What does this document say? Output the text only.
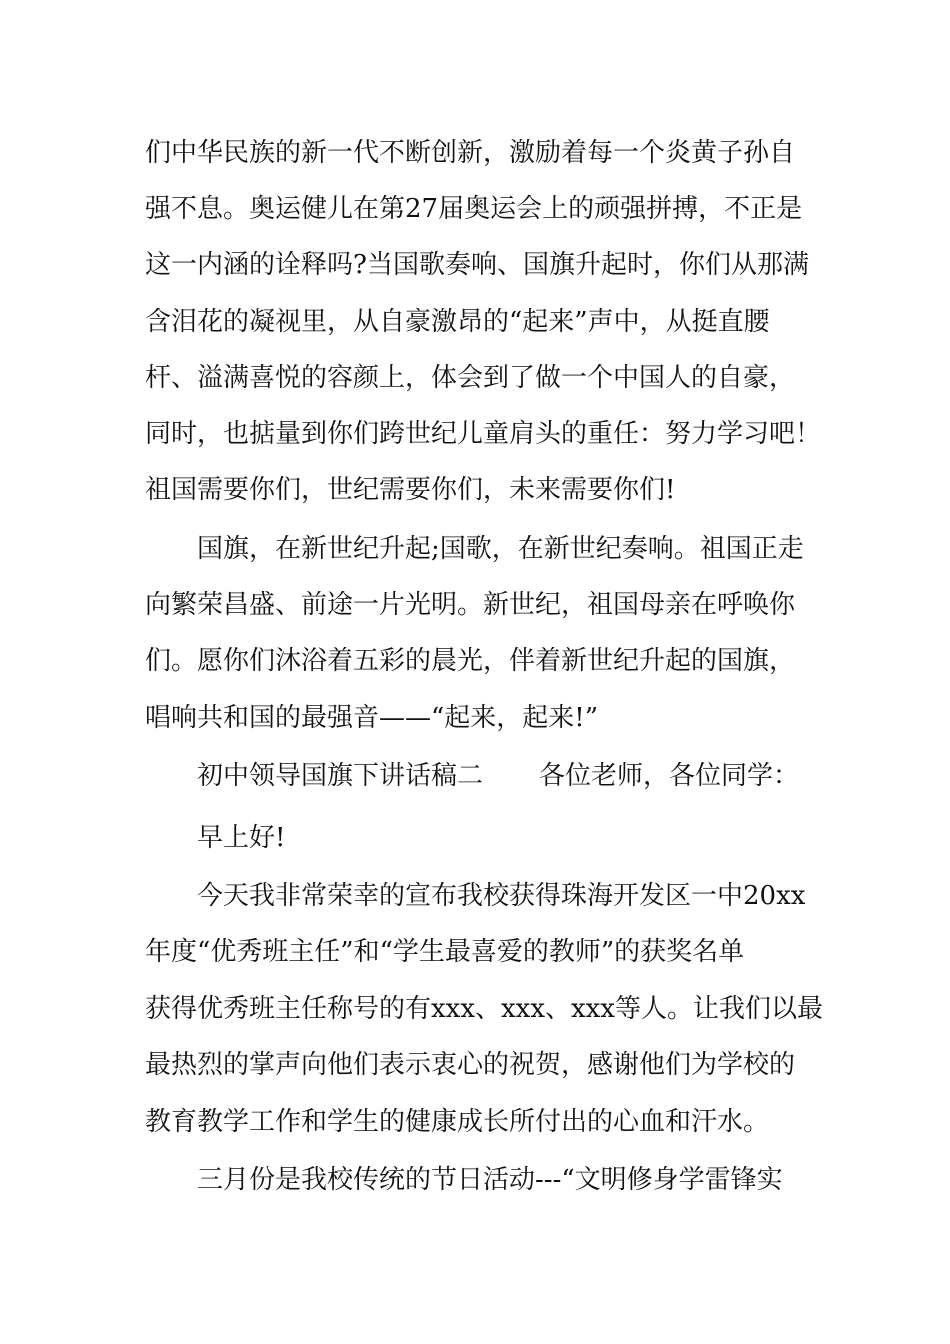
们中华民族的新一代不断创新，激励着每一个炎黄子孙自
强不息。奥运健儿在第27届奥运会上的顽强拼搏，不正是
这一内涵的诠释吗?当国歌奏响、国旗升起时，你们从那满
含泪花的凝视里，从自豪激昂的“起来”声中，从挺直腰
杆、溢满喜悦的容颜上，体会到了做一个中国人的自豪，
同时，也掂量到你们跨世纪儿童肩头的重任：努力学习吧！
祖国需要你们，世纪需要你们，未来需要你们!
国旗，在新世纪升起;国歌，在新世纪奏响。祖国正走
向繁荣昌盛、前途一片光明。新世纪，祖国母亲在呼唤你
们。愿你们沐浴着五彩的晨光，伴着新世纪升起的国旗，
唱响共和国的最强音——“起来，起来!”
初中领导国旗下讲话稿二 各位老师，各位同学：
早上好!
今天我非常荣幸的宣布我校获得珠海开发区一中20xx
年度“优秀班主任”和“学生最喜爱的教师”的获奖名单
获得优秀班主任称号的有xxx、xxx、xxx等人。让我们以最
最热烈的掌声向他们表示衷心的祝贺，感谢他们为学校的
教育教学工作和学生的健康成长所付出的心血和汗水。
三月份是我校传统的节日活动---“文明修身学雷锋实
